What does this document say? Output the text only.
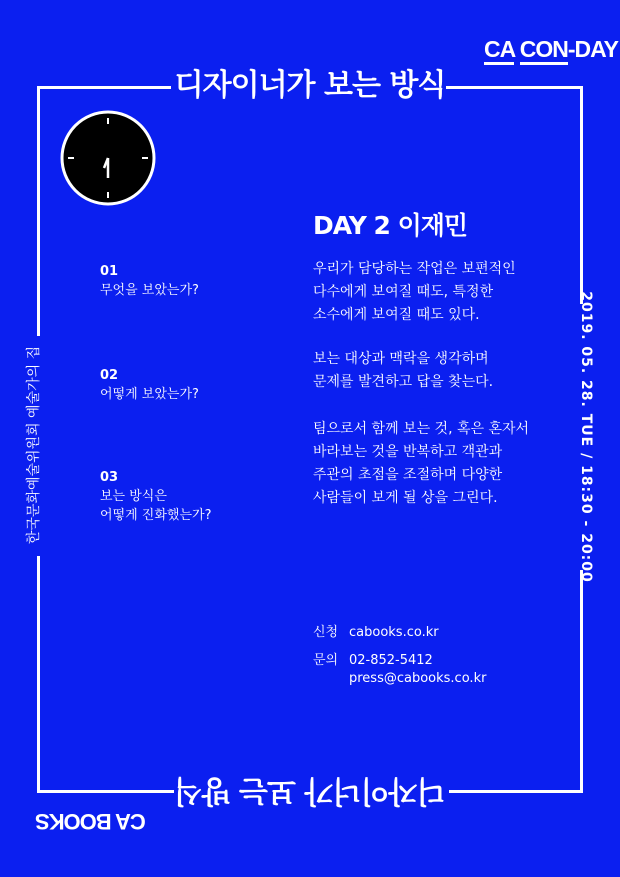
CA CON-DAY
디자이너가 보는 방식
01
무엇을 보았는가?
02
어떻게 보았는가?
03
보는 방식은
어떻게 진화했는가?
DAY 2 이재민
우리가 담당하는 작업은 보편적인
다수에게 보여질 때도, 특정한
소수에게 보여질 때도 있다.
보는 대상과 맥락을 생각하며
문제를 발견하고 답을 찾는다.
팀으로서 함께 보는 것, 혹은 혼자서
바라보는 것을 반복하고 객관과
주관의 초점을 조절하며 다양한
사람들이 보게 될 상을 그린다.
신청 cabooks.co.kr
문의 02-852-5412
press@cabooks.co.kr
한국문화예술위원회 예술가의 집	2019. 05. 28. TUE / 18:30 - 20:00
디자이너가 보는 방식
CA BOOKS
